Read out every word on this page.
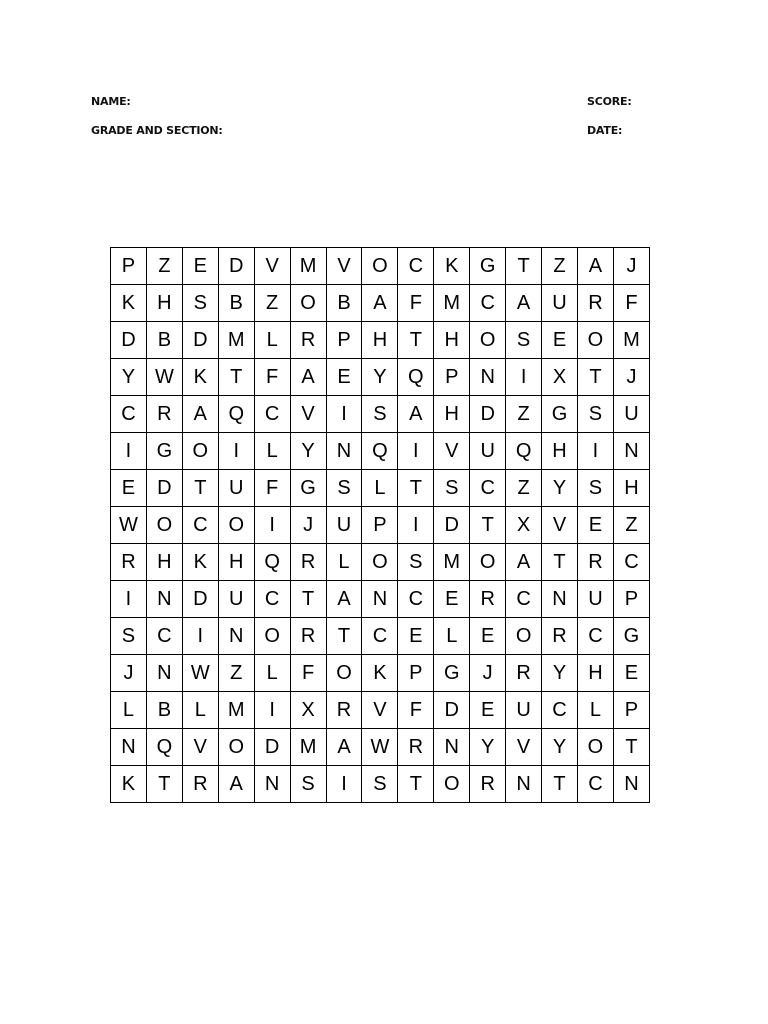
NAME:
GRADE AND SECTION:
SCORE:
DATE:
P	Z	E	D	V	M	V	O	C	K	G	T	Z	A	J
K	H	S	B	Z	O	B	A	F	M	C	A	U	R	F
D	B	D	M	L	R	P	H	T	H	O	S	E	O	M
Y	W	K	T	F	A	E	Y	Q	P	N	I	X	T	J
C	R	A	Q	C	V	I	S	A	H	D	Z	G	S	U
I	G	O	I	L	Y	N	Q	I	V	U	Q	H	I	N
E	D	T	U	F	G	S	L	T	S	C	Z	Y	S	H
W	O	C	O	I	J	U	P	I	D	T	X	V	E	Z
R	H	K	H	Q	R	L	O	S	M	O	A	T	R	C
I	N	D	U	C	T	A	N	C	E	R	C	N	U	P
S	C	I	N	O	R	T	C	E	L	E	O	R	C	G
J	N	W	Z	L	F	O	K	P	G	J	R	Y	H	E
L	B	L	M	I	X	R	V	F	D	E	U	C	L	P
N	Q	V	O	D	M	A	W	R	N	Y	V	Y	O	T
K	T	R	A	N	S	I	S	T	O	R	N	T	C	N
